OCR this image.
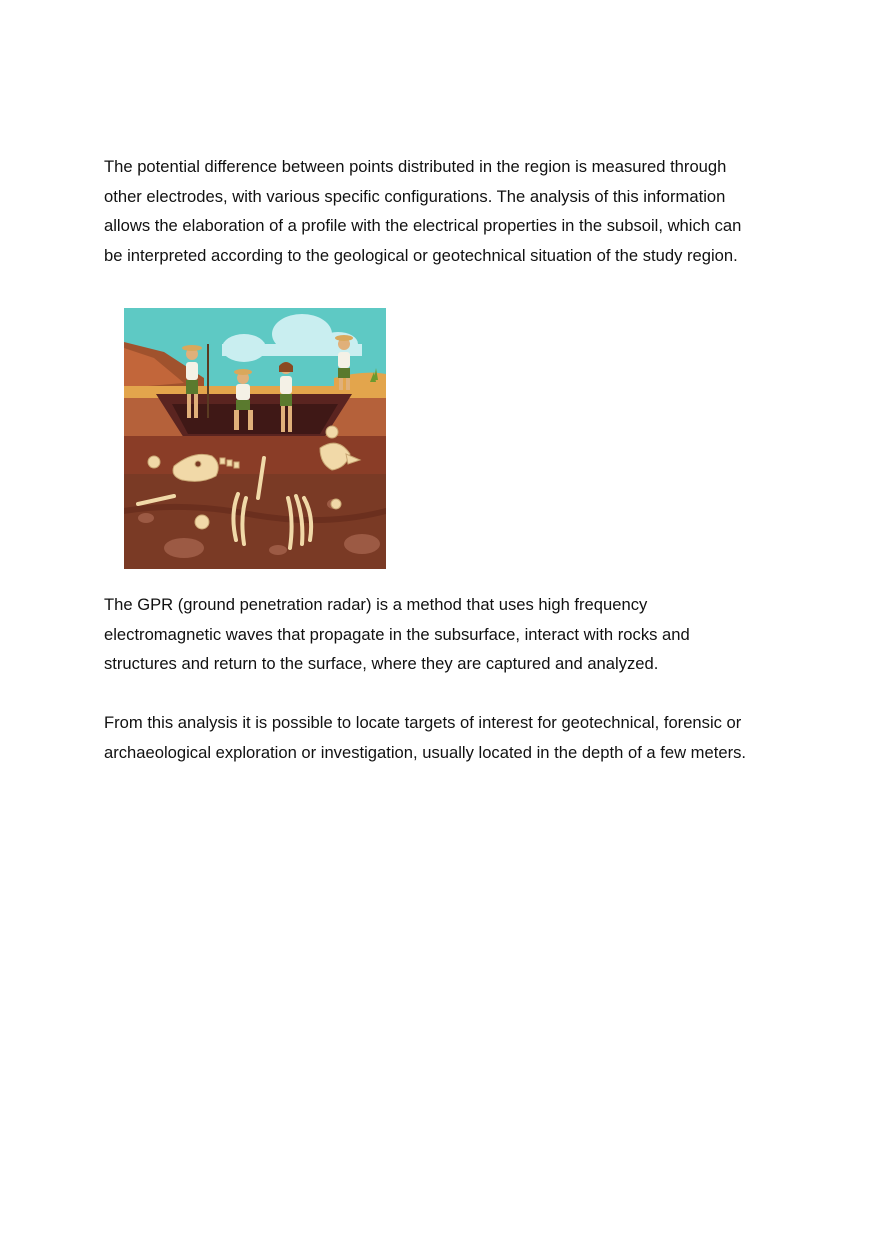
The potential difference between points distributed in the region is measured through
other electrodes, with various specific configurations. The analysis of this information
allows the elaboration of a profile with the electrical properties in the subsoil, which can
be interpreted according to the geological or geotechnical situation of the study region.

The GPR (ground penetration radar) is a method that uses high frequency
electromagnetic waves that propagate in the subsurface, interact with rocks and
structures and return to the surface, where they are captured and analyzed.

From this analysis it is possible to locate targets of interest for geotechnical, forensic or
archaeological exploration or investigation, usually located in the depth of a few meters.
